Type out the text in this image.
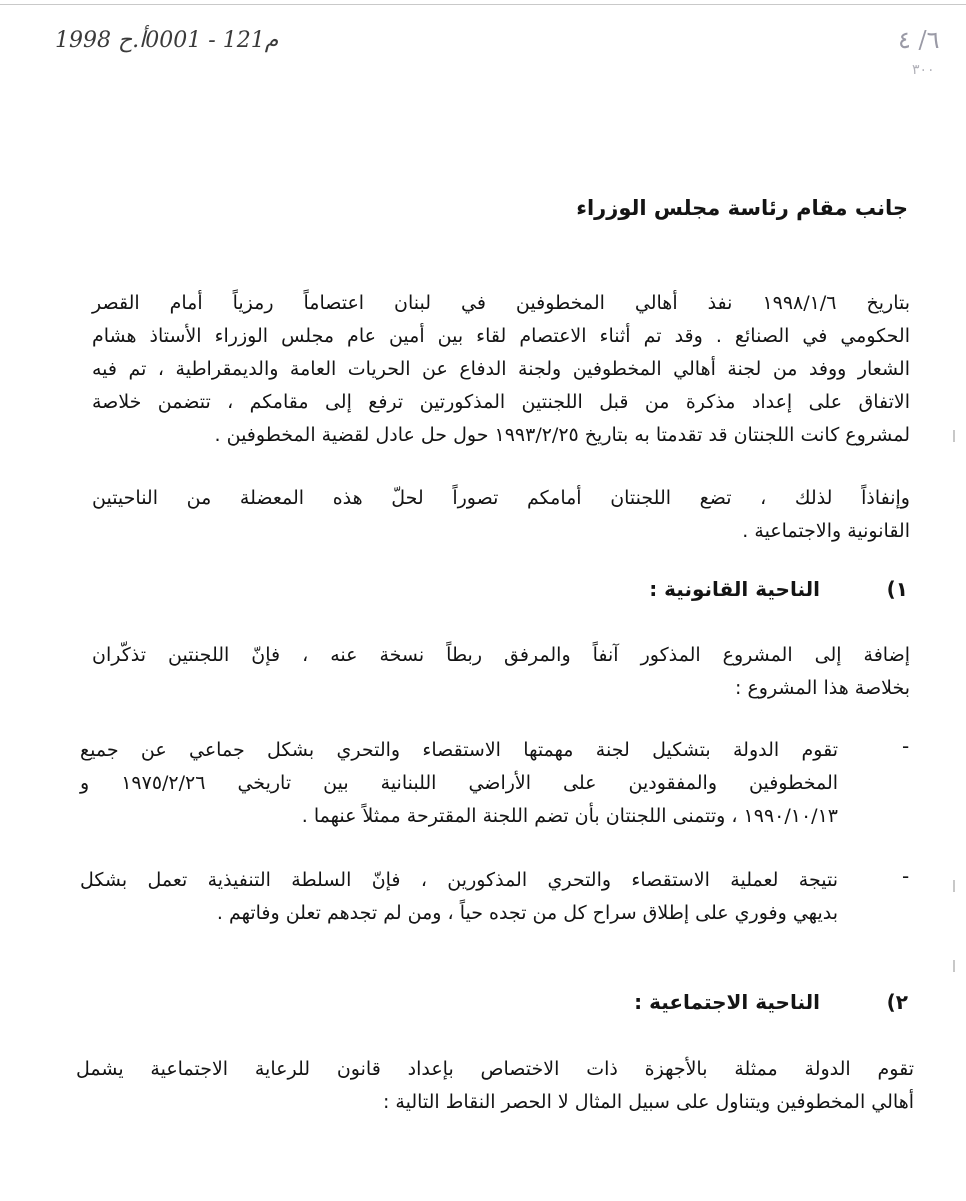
1998 م121 - 0001أ.ح	٦/ ٤
٣٠٠
جانب مقام رئاسة مجلس الوزراء
بتاريخ ١٩٩٨/١/٦ نفذ أهالي المخطوفين في لبنان اعتصاماً رمزياً أمام القصر
الحكومي في الصنائع . وقد تم أثناء الاعتصام لقاء بين أمين عام مجلس الوزراء الأستاذ هشام
الشعار ووفد من لجنة أهالي المخطوفين ولجنة الدفاع عن الحريات العامة والديمقراطية ، تم فيه
الاتفاق على إعداد مذكرة من قبل اللجنتين المذكورتين ترفع إلى مقامكم ، تتضمن خلاصة
لمشروع كانت اللجنتان قد تقدمتا به بتاريخ ١٩٩٣/٢/٢٥ حول حل عادل لقضية المخطوفين .
وإنفاذاً لذلك ، تضع اللجنتان أمامكم تصوراً لحلّ هذه المعضلة من الناحيتين
القانونية والاجتماعية .
١)
الناحية القانونية :
إضافة إلى المشروع المذكور آنفاً والمرفق ربطاً نسخة عنه ، فإنّ اللجنتين تذكّران
بخلاصة هذا المشروع :
-
تقوم الدولة بتشكيل لجنة مهمتها الاستقصاء والتحري بشكل جماعي عن جميع
المخطوفين والمفقودين على الأراضي اللبنانية بين تاريخي ١٩٧٥/٢/٢٦ و
١٩٩٠/١٠/١٣ ، وتتمنى اللجنتان بأن تضم اللجنة المقترحة ممثلاً عنهما .
-
نتيجة لعملية الاستقصاء والتحري المذكورين ، فإنّ السلطة التنفيذية تعمل بشكل
بديهي وفوري على إطلاق سراح كل من تجده حياً ، ومن لم تجدهم تعلن وفاتهم .
٢)
الناحية الاجتماعية :
تقوم الدولة ممثلة بالأجهزة ذات الاختصاص بإعداد قانون للرعاية الاجتماعية يشمل
أهالي المخطوفين ويتناول على سبيل المثال لا الحصر النقاط التالية :
